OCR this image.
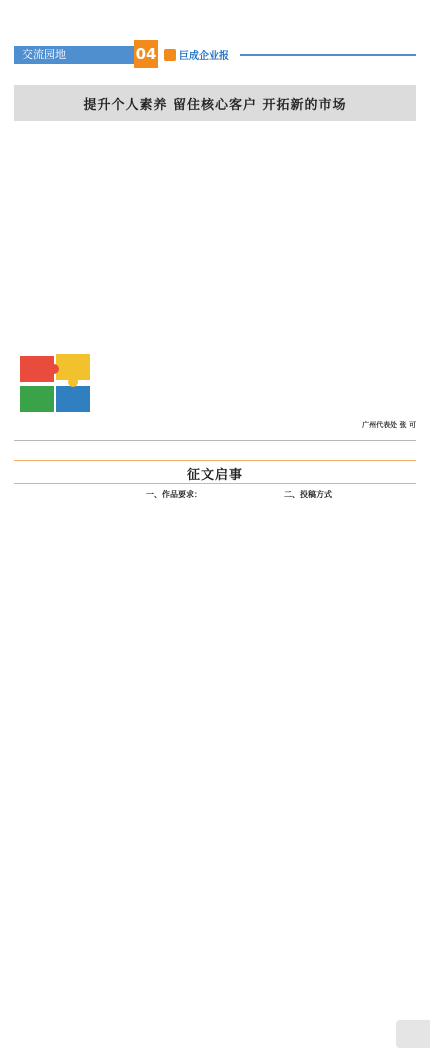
交流园地	04	巨成企业报
提升个人素养 留住核心客户 开拓新的市场

广州代表处 张 可
征文启事

一、作品要求：	二、投稿方式
